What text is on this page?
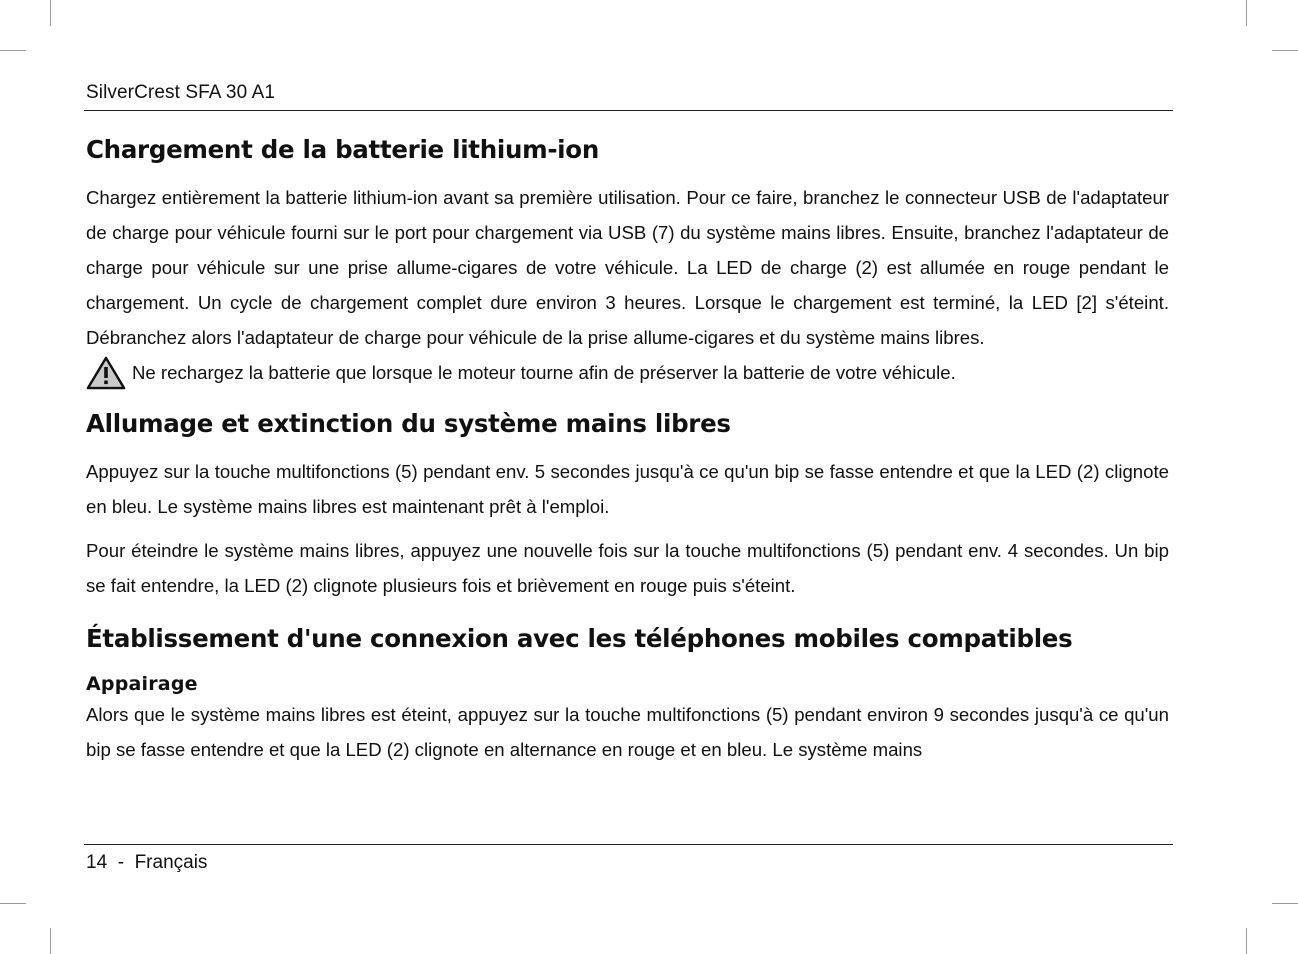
SilverCrest SFA 30 A1
Chargement de la batterie lithium-ion

Chargez entièrement la batterie lithium-ion avant sa première utilisation. Pour ce faire, branchez le connecteur USB de l'adaptateur de charge pour véhicule fourni sur le port pour chargement via USB (7) du système mains libres. Ensuite, branchez l'adaptateur de charge pour véhicule sur une prise allume-cigares de votre véhicule. La LED de charge (2) est allumée en rouge pendant le chargement. Un cycle de chargement complet dure environ 3 heures. Lorsque le chargement est terminé, la LED [2] s'éteint. Débranchez alors l'adaptateur de charge pour véhicule de la prise allume-cigares et du système mains libres.

Ne rechargez la batterie que lorsque le moteur tourne afin de préserver la batterie de votre véhicule.
Allumage et extinction du système mains libres

Appuyez sur la touche multifonctions (5) pendant env. 5 secondes jusqu'à ce qu'un bip se fasse entendre et que la LED (2) clignote en bleu. Le système mains libres est maintenant prêt à l'emploi.

Pour éteindre le système mains libres, appuyez une nouvelle fois sur la touche multifonctions (5) pendant env. 4 secondes. Un bip se fait entendre, la LED (2) clignote plusieurs fois et brièvement en rouge puis s'éteint.

Établissement d'une connexion avec les téléphones mobiles compatibles
Appairage

Alors que le système mains libres est éteint, appuyez sur la touche multifonctions (5) pendant environ 9 secondes jusqu'à ce qu'un bip se fasse entendre et que la LED (2) clignote en alternance en rouge et en bleu. Le système mains

14  -  Français
